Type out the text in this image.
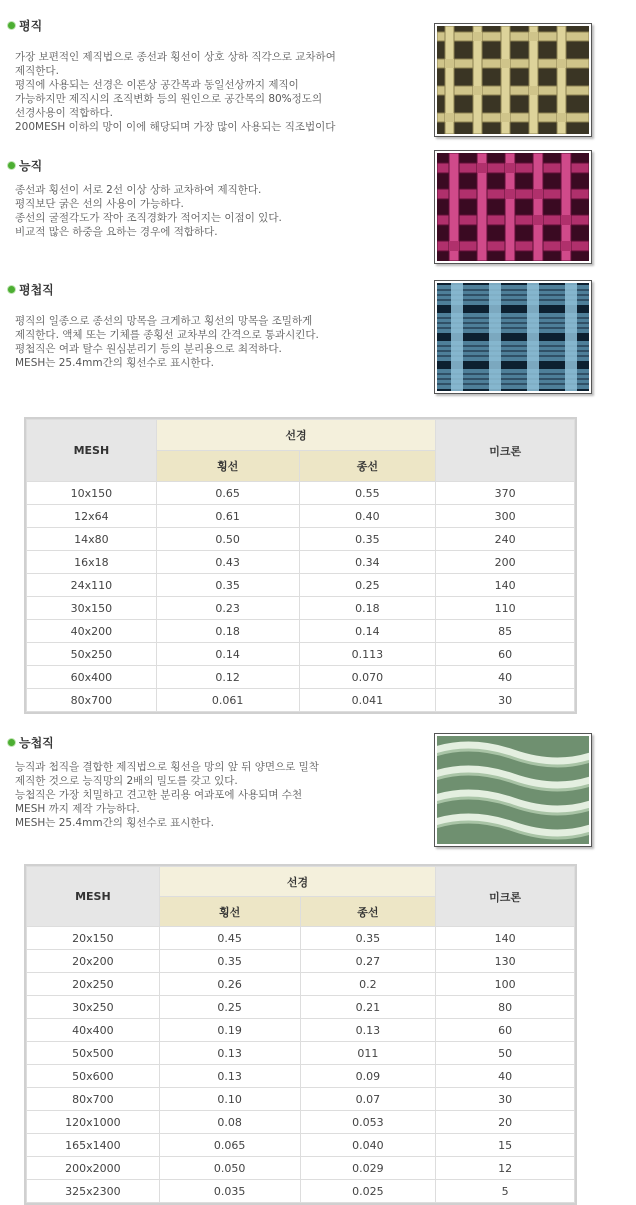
평직
가장 보편적인 제직법으로 종선과 횡선이 상호 상하 직각으로 교차하여
제직한다.
평직에 사용되는 선경은 이론상 공간목과 동일선상까지 제직이
가능하지만 제직시의 조직변화 등의 원인으로 공간목의 80%정도의
선경사용이 적합하다.
200MESH 이하의 망이 이에 해당되며 가장 많이 사용되는 직조법이다
능직
종선과 횡선이 서로 2선 이상 상하 교차하여 제직한다.
평직보단 굵은 선의 사용이 가능하다.
종선의 굴절각도가 작아 조직경화가 적어지는 이점이 있다.
비교적 많은 하중을 요하는 경우에 적합하다.
평첩직
평직의 일종으로 종선의 망목을 크게하고 횡선의 망목을 조밀하게
제직한다. 액체 또는 기체를 종횡선 교차부의 간격으로 통과시킨다.
평첩직은 여과 탈수 원심분리기 등의 분리용으로 최적하다.
MESH는 25.4mm간의 횡선수로 표시한다.
MESH	선경		미크론
	횡선	종선	
10x150	0.65	0.55	370
12x64	0.61	0.40	300
14x80	0.50	0.35	240
16x18	0.43	0.34	200
24x110	0.35	0.25	140
30x150	0.23	0.18	110
40x200	0.18	0.14	85
50x250	0.14	0.113	60
60x400	0.12	0.070	40
80x700	0.061	0.041	30
능첩직
능직과 첩직을 결합한 제직법으로 횡선을 망의 앞 뒤 양면으로 밀착
제직한 것으로 능직망의 2배의 밀도를 갖고 있다.
능첩직은 가장 치밀하고 견고한 분리용 여과포에 사용되며 수천
MESH 까지 제작 가능하다.
MESH는 25.4mm간의 횡선수로 표시한다.
MESH	선경		미크론
	횡선	종선	
20x150	0.45	0.35	140
20x200	0.35	0.27	130
20x250	0.26	0.2	100
30x250	0.25	0.21	80
40x400	0.19	0.13	60
50x500	0.13	011	50
50x600	0.13	0.09	40
80x700	0.10	0.07	30
120x1000	0.08	0.053	20
165x1400	0.065	0.040	15
200x2000	0.050	0.029	12
325x2300	0.035	0.025	5
